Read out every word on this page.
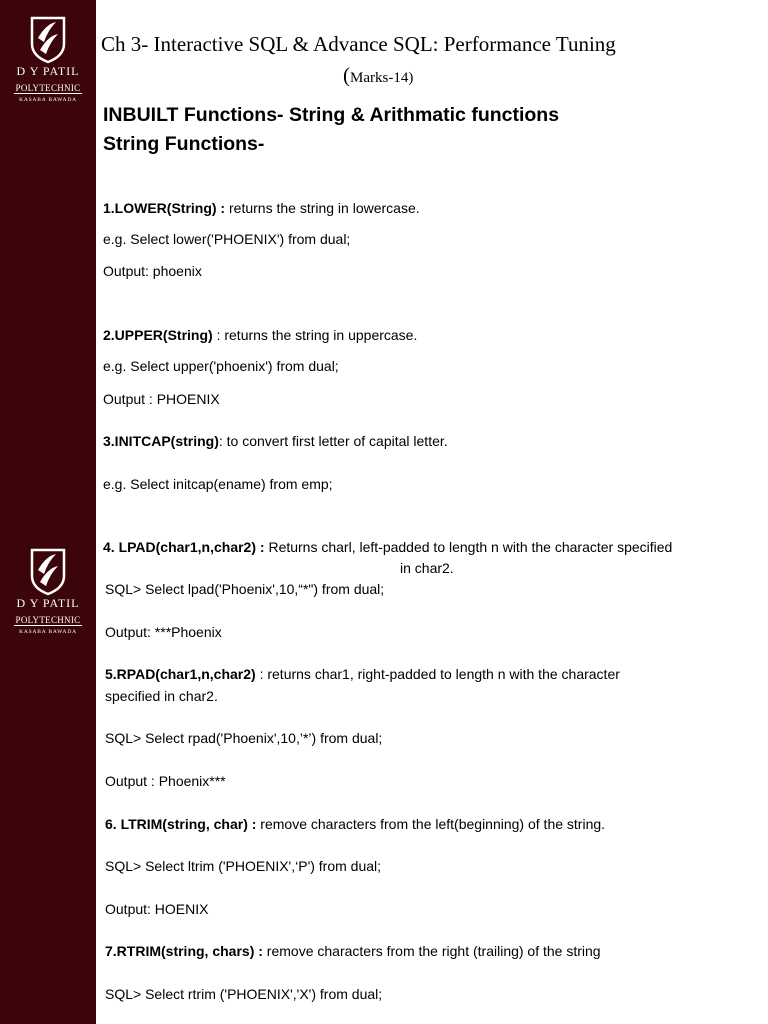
D Y PATIL
POLYTECHNIC
KASABA BAWADA
D Y PATIL
POLYTECHNIC
KASABA BAWADA
Ch 3- Interactive SQL & Advance SQL: Performance Tuning
(Marks-14)
INBUILT Functions- String & Arithmatic functions
String Functions-
1.LOWER(String) : returns the string in lowercase.
e.g. Select lower('PHOENIX') from dual;
Output: phoenix
2.UPPER(String) : returns the string in uppercase.
e.g. Select upper('phoenix') from dual;
Output : PHOENIX
3.INITCAP(string): to convert first letter of capital letter.
e.g. Select initcap(ename) from emp;
4. LPAD(char1,n,char2) : Returns charl, left-padded to length n with the character specified
in char2.
SQL> Select lpad('Phoenix',10,“*") from dual;
Output: ***Phoenix
5.RPAD(char1,n,char2) : returns char1, right-padded to length n with the character
specified in char2.
SQL> Select rpad('Phoenix',10,’*’) from dual;
Output : Phoenix***
6. LTRIM(string, char) : remove characters from the left(beginning) of the string.
SQL> Select ltrim ('PHOENIX',‘P') from dual;
Output: HOENIX
7.RTRIM(string, chars) : remove characters from the right (trailing) of the string
SQL> Select rtrim ('PHOENIX','X') from dual;
